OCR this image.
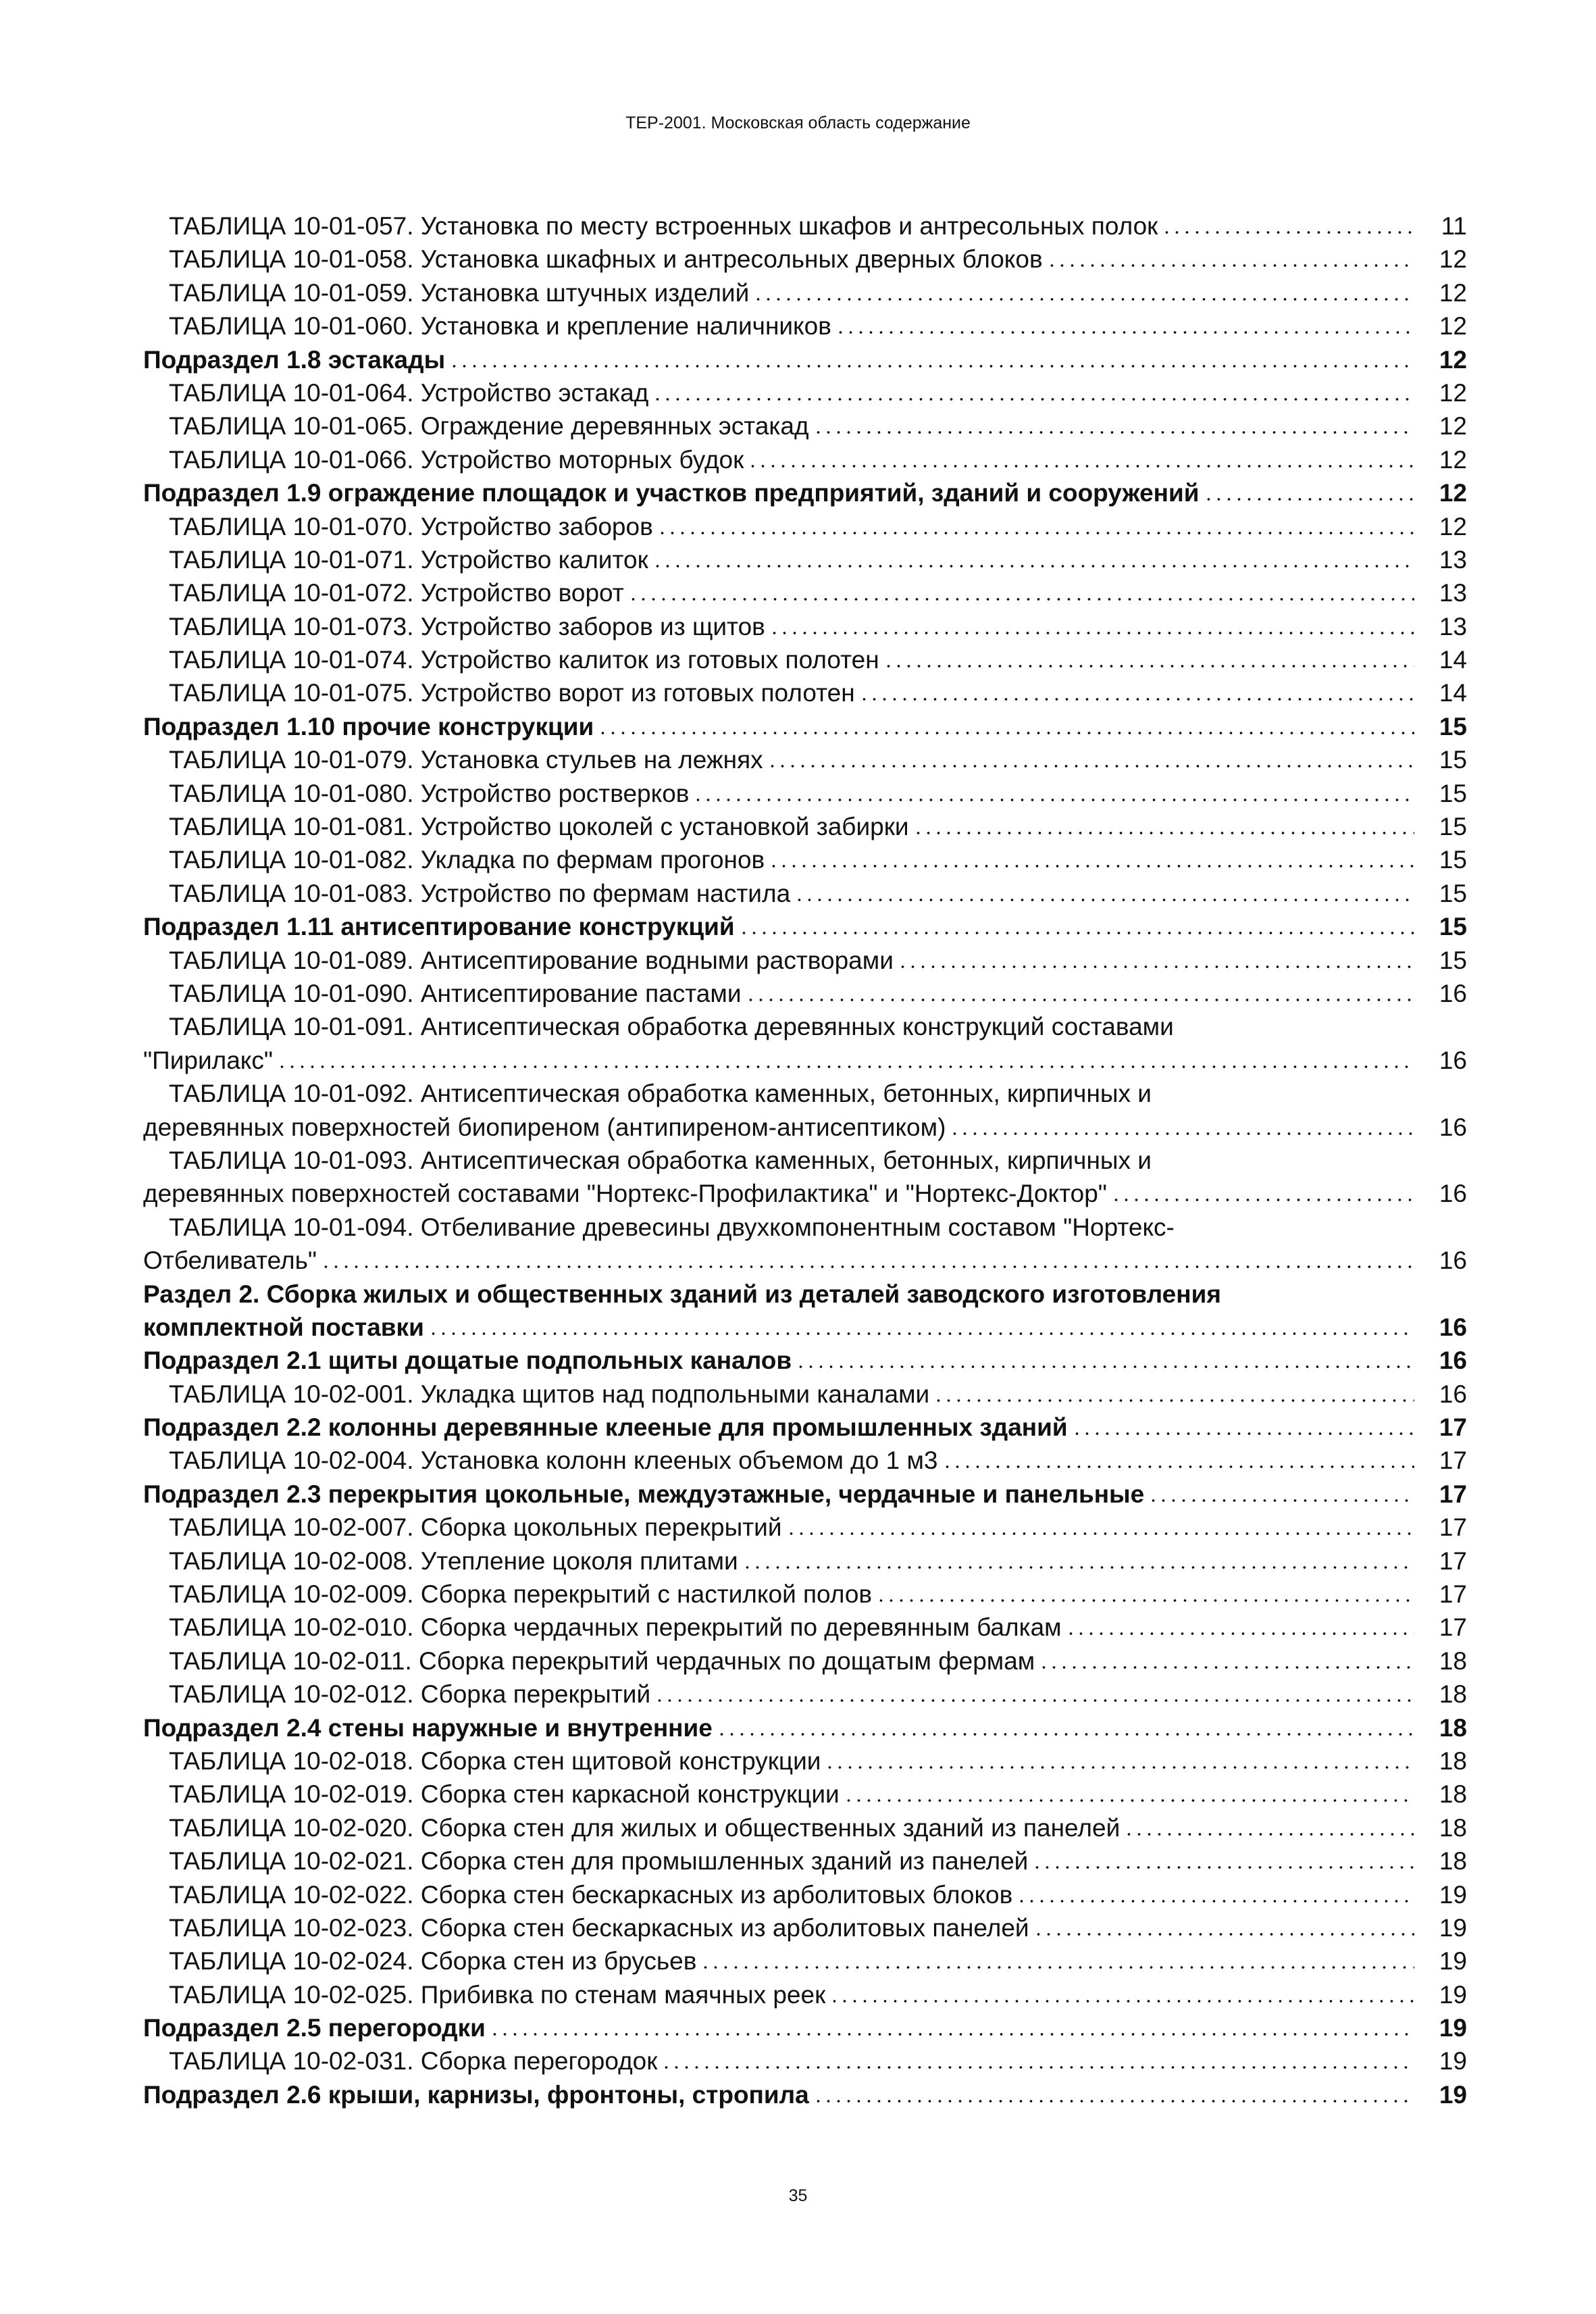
ТЕР-2001. Московская область содержание
ТАБЛИЦА 10-01-057. Установка по месту встроенных шкафов и антресольных полок	11
ТАБЛИЦА 10-01-058. Установка шкафных и антресольных дверных блоков	12
ТАБЛИЦА 10-01-059. Установка штучных изделий	12
ТАБЛИЦА 10-01-060. Установка и крепление наличников	12
Подраздел 1.8 эстакады	12
ТАБЛИЦА 10-01-064. Устройство эстакад	12
ТАБЛИЦА 10-01-065. Ограждение деревянных эстакад	12
ТАБЛИЦА 10-01-066. Устройство моторных будок	12
Подраздел 1.9 ограждение площадок и участков предприятий, зданий и сооружений	12
ТАБЛИЦА 10-01-070. Устройство заборов	12
ТАБЛИЦА 10-01-071. Устройство калиток	13
ТАБЛИЦА 10-01-072. Устройство ворот	13
ТАБЛИЦА 10-01-073. Устройство заборов из щитов	13
ТАБЛИЦА 10-01-074. Устройство калиток из готовых полотен	14
ТАБЛИЦА 10-01-075. Устройство ворот из готовых полотен	14
Подраздел 1.10 прочие конструкции	15
ТАБЛИЦА 10-01-079. Установка стульев на лежнях	15
ТАБЛИЦА 10-01-080. Устройство ростверков	15
ТАБЛИЦА 10-01-081. Устройство цоколей с установкой забирки	15
ТАБЛИЦА 10-01-082. Укладка по фермам прогонов	15
ТАБЛИЦА 10-01-083. Устройство по фермам настила	15
Подраздел 1.11 антисептирование конструкций	15
ТАБЛИЦА 10-01-089. Антисептирование водными растворами	15
ТАБЛИЦА 10-01-090. Антисептирование пастами	16
ТАБЛИЦА 10-01-091. Антисептическая обработка деревянных конструкций составами
"Пирилакс"	16
ТАБЛИЦА 10-01-092. Антисептическая обработка каменных, бетонных, кирпичных и
деревянных поверхностей биопиреном (антипиреном-антисептиком)	16
ТАБЛИЦА 10-01-093. Антисептическая обработка каменных, бетонных, кирпичных и
деревянных поверхностей составами "Нортекс-Профилактика" и "Нортекс-Доктор"	16
ТАБЛИЦА 10-01-094. Отбеливание древесины двухкомпонентным составом "Нортекс-
Отбеливатель"	16
Раздел 2. Сборка жилых и общественных зданий из деталей заводского изготовления
комплектной поставки	16
Подраздел 2.1 щиты дощатые подпольных каналов	16
ТАБЛИЦА 10-02-001. Укладка щитов над подпольными каналами	16
Подраздел 2.2 колонны деревянные клееные для промышленных зданий	17
ТАБЛИЦА 10-02-004. Установка колонн клееных объемом до 1 м3	17
Подраздел 2.3 перекрытия цокольные, междуэтажные, чердачные и панельные	17
ТАБЛИЦА 10-02-007. Сборка цокольных перекрытий	17
ТАБЛИЦА 10-02-008. Утепление цоколя плитами	17
ТАБЛИЦА 10-02-009. Сборка перекрытий с настилкой полов	17
ТАБЛИЦА 10-02-010. Сборка чердачных перекрытий по деревянным балкам	17
ТАБЛИЦА 10-02-011. Сборка перекрытий чердачных по дощатым фермам	18
ТАБЛИЦА 10-02-012. Сборка перекрытий	18
Подраздел 2.4 стены наружные и внутренние	18
ТАБЛИЦА 10-02-018. Сборка стен щитовой конструкции	18
ТАБЛИЦА 10-02-019. Сборка стен каркасной конструкции	18
ТАБЛИЦА 10-02-020. Сборка стен для жилых и общественных зданий из панелей	18
ТАБЛИЦА 10-02-021. Сборка стен для промышленных зданий из панелей	18
ТАБЛИЦА 10-02-022. Сборка стен бескаркасных из арболитовых блоков	19
ТАБЛИЦА 10-02-023. Сборка стен бескаркасных из арболитовых панелей	19
ТАБЛИЦА 10-02-024. Сборка стен из брусьев	19
ТАБЛИЦА 10-02-025. Прибивка по стенам маячных реек	19
Подраздел 2.5 перегородки	19
ТАБЛИЦА 10-02-031. Сборка перегородок	19
Подраздел 2.6 крыши, карнизы, фронтоны, стропила	19
35
